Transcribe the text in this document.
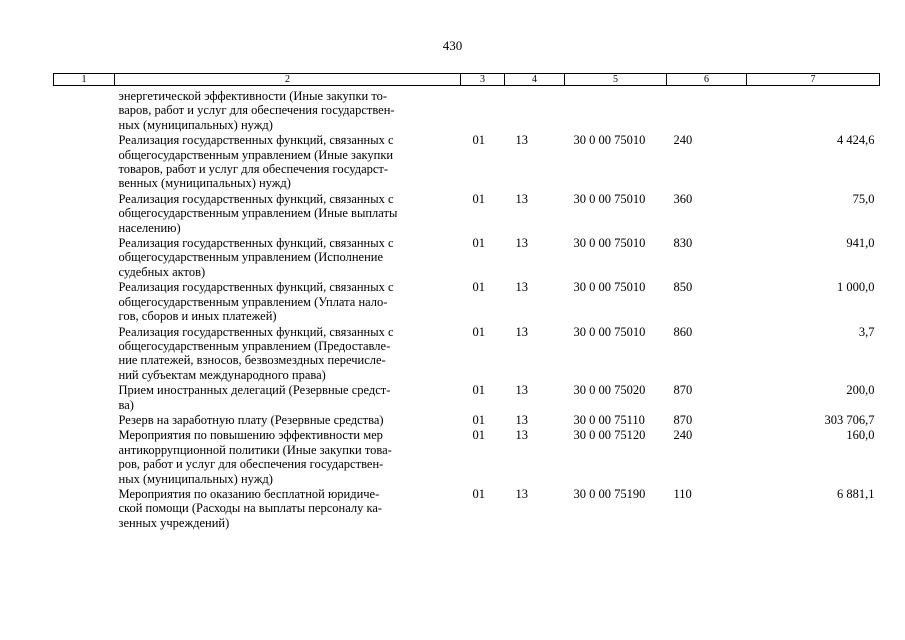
430
1	2	3	4	5	6	7
	энергетической эффективности (Иные закупки то-
варов, работ и услуг для обеспечения государствен-
ных (муниципальных) нужд)					
	Реализация государственных функций, связанных с
общегосударственным управлением (Иные закупки
товаров, работ и услуг для обеспечения государст-
венных (муниципальных) нужд)	01	13	30 0 00 75010	240	4 424,6
	Реализация государственных функций, связанных с
общегосударственным управлением (Иные выплаты
населению)	01	13	30 0 00 75010	360	75,0
	Реализация государственных функций, связанных с
общегосударственным управлением (Исполнение
судебных актов)	01	13	30 0 00 75010	830	941,0
	Реализация государственных функций, связанных с
общегосударственным управлением (Уплата нало-
гов, сборов и иных платежей)	01	13	30 0 00 75010	850	1 000,0
	Реализация государственных функций, связанных с
общегосударственным управлением (Предоставле-
ние платежей, взносов, безвозмездных перечисле-
ний субъектам международного права)	01	13	30 0 00 75010	860	3,7
	Прием иностранных делегаций (Резервные средст-
ва)	01	13	30 0 00 75020	870	200,0
	Резерв на заработную плату (Резервные средства)	01	13	30 0 00 75110	870	303 706,7
	Мероприятия по повышению эффективности мер
антикоррупционной политики (Иные закупки това-
ров, работ и услуг для обеспечения государствен-
ных (муниципальных) нужд)	01	13	30 0 00 75120	240	160,0
	Мероприятия по оказанию бесплатной юридиче-
ской помощи (Расходы на выплаты персоналу ка-
зенных учреждений)	01	13	30 0 00 75190	110	6 881,1
